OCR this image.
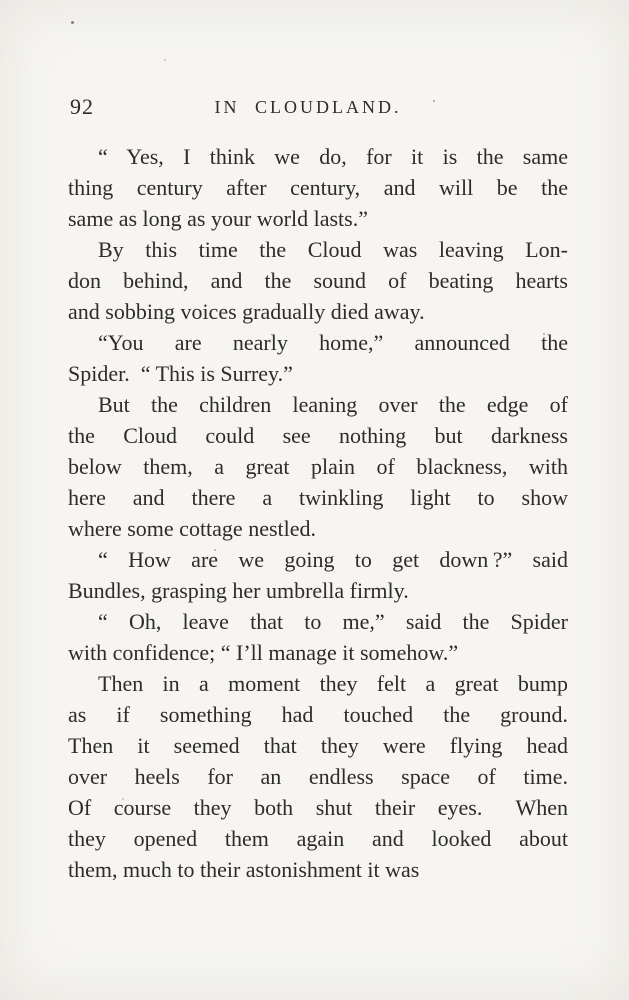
92	IN CLOUDLAND.
“ Yes, I think we do, for it is the same
thing century after century, and will be the
same as long as your world lasts.”
By this time the Cloud was leaving Lon-
don behind, and the sound of beating hearts
and sobbing voices gradually died away.
“You are nearly home,” announced the
Spider. “ This is Surrey.”
But the children leaning over the edge of
the Cloud could see nothing but darkness
below them, a great plain of blackness, with
here and there a twinkling light to show
where some cottage nestled.
“ How are we going to get down ?” said
Bundles, grasping her umbrella firmly.
“ Oh, leave that to me,” said the Spider
with confidence; “ I’ll manage it somehow.”
Then in a moment they felt a great bump
as if something had touched the ground.
Then it seemed that they were flying head
over heels for an endless space of time.
Of course they both shut their eyes.  When
they opened them again and looked about
them, much to their astonishment it was
